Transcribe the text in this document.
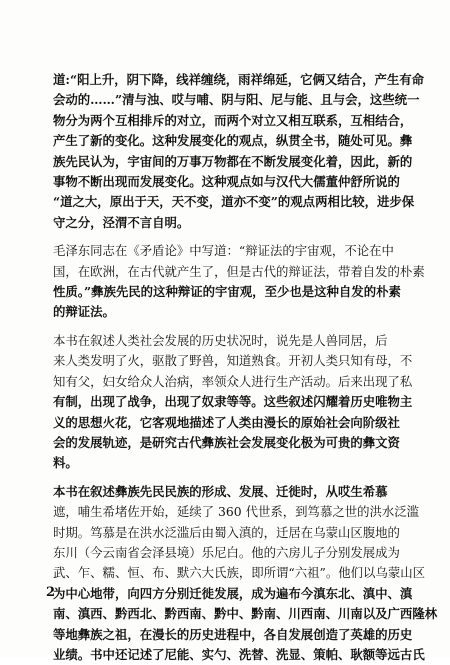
道:“阳上升，阴下降，线祥缠绕，雨祥绵延，它俩又结合，产生有命
会动的……”清与浊、哎与哺、阴与阳、尼与能、且与会，这些统一
物分为两个互相排斥的对立，而两个对立又相互联系，互相结合，
产生了新的变化。这种发展变化的观点，纵贯全书，随处可见。彝
族先民认为，宇宙间的万事万物都在不断发展变化着，因此，新的
事物不断出现而发展变化。这种观点如与汉代大儒董仲舒所说的
“道之大，原出于天，天不变，道亦不变”的观点两相比较，进步保
守之分，泾渭不言自明。
毛泽东同志在《矛盾论》中写道：“辩证法的宇宙观，不论在中
国，在欧洲，在古代就产生了，但是古代的辩证法，带着自发的朴素
性质。”彝族先民的这种辩证的宇宙观，至少也是这种自发的朴素
的辩证法。
本书在叙述人类社会发展的历史状况时，说先是人兽同居，后
来人类发明了火，驱散了野兽，知道熟食。开初人类只知有母，不
知有父，妇女给众人治病，率领众人进行生产活动。后来出现了私
有制，出现了战争，出现了奴隶等等。这些叙述闪耀着历史唯物主
义的思想火花，它客观地描述了人类由漫长的原始社会向阶级社
会的发展轨迹，是研究古代彝族社会发展变化极为可贵的彝文资
料。
本书在叙述彝族先民民族的形成、发展、迁徙时，从哎生希慕
遮，哺生希堵佐开始，延续了 360 代世系，到笃慕之世的洪水泛滥
时期。笃慕是在洪水泛滥后由蜀入滇的，迁居在乌蒙山区腹地的
东川（今云南省会泽县境）乐尼白。他的六房儿子分别发展成为
武、乍、糯、恒、布、默六大氏族，即所谓“六祖”。他们以乌蒙山区
为中心地带，向四方分别迁徙发展，成为遍布今滇东北、滇中、滇
南、滇西、黔西北、黔西南、黔中、黔南、川西南、川南以及广西隆林
等地彝族之祖，在漫长的历史进程中，各自发展创造了英雄的历史
业绩。书中还记述了尼能、实勺、洗替、洗显、策帕、耿额等远古氏
2
